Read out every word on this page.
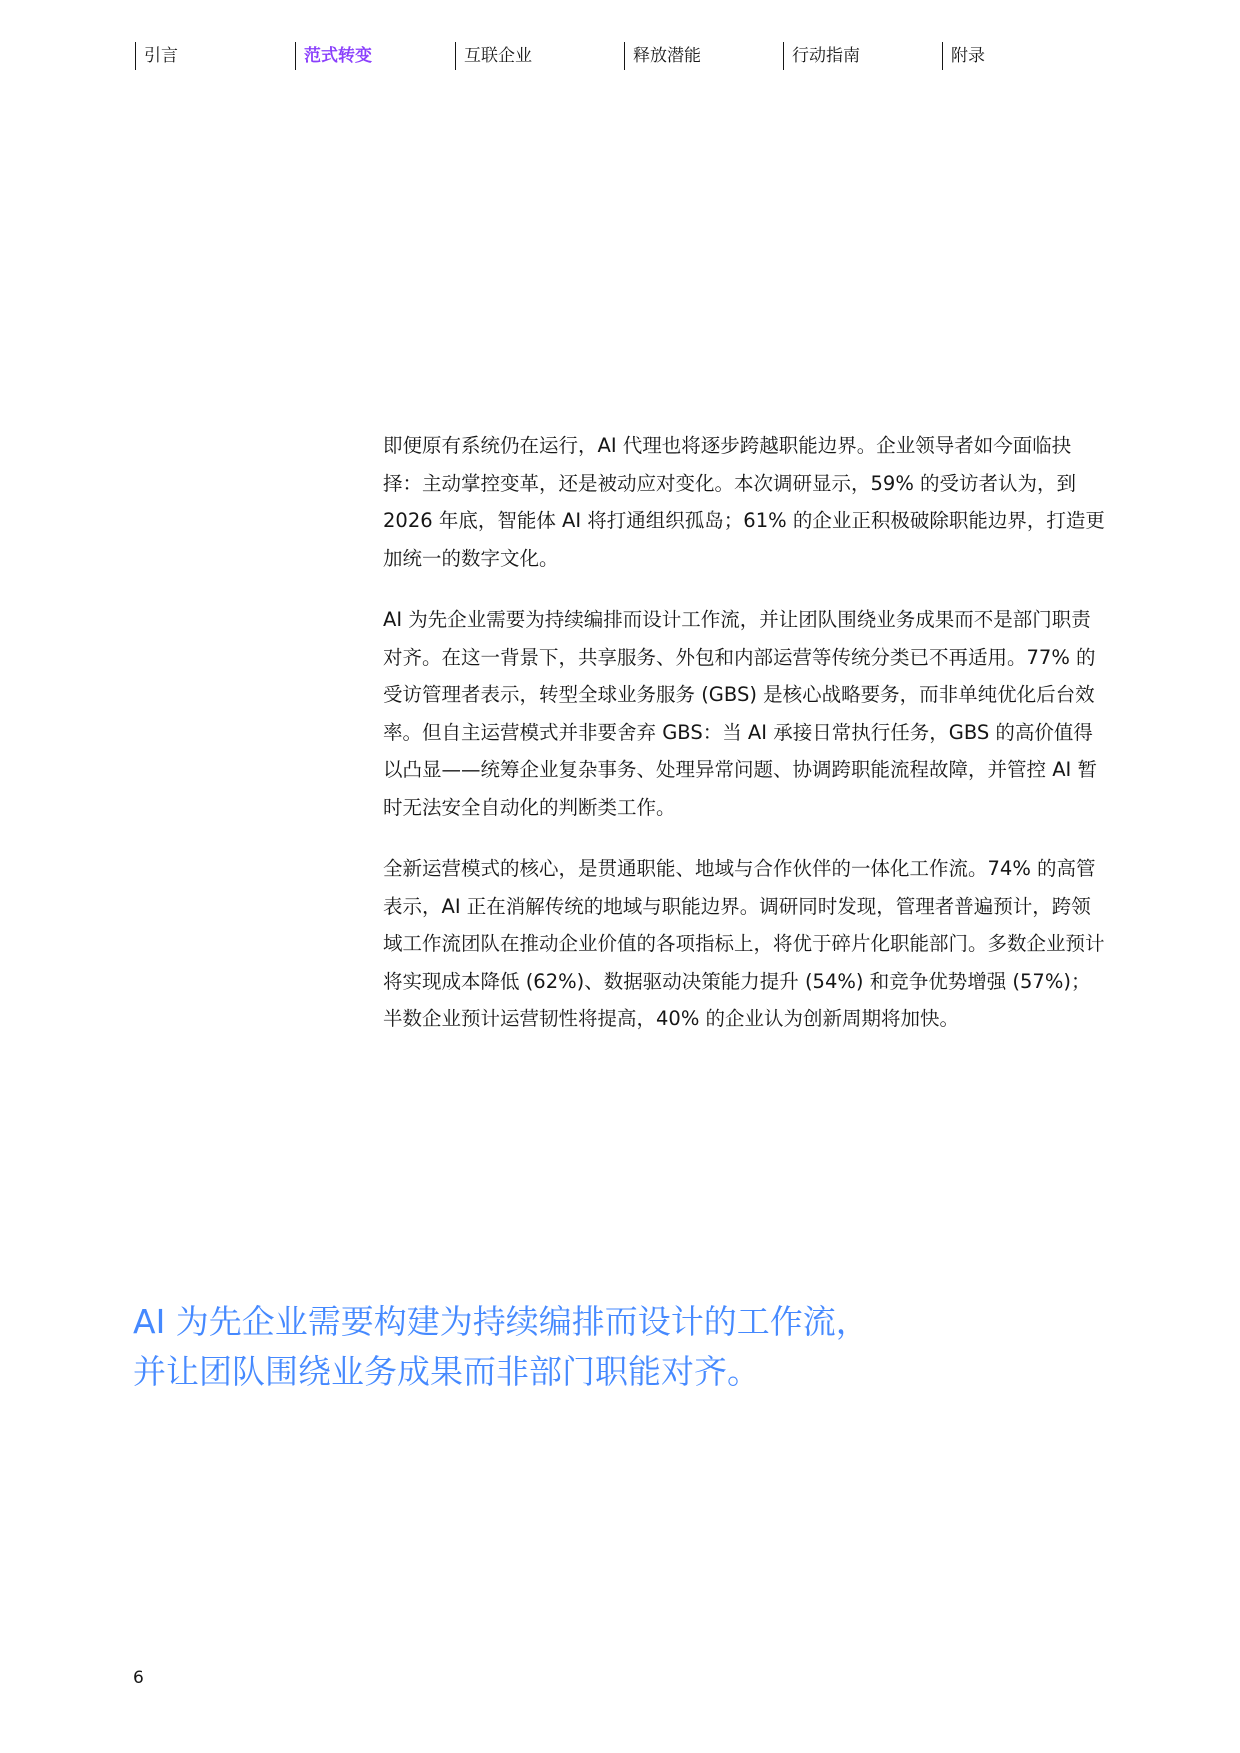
引言	范式转变	互联企业	释放潜能	行动指南	附录

即便原有系统仍在运行，AI 代理也将逐步跨越职能边界。企业领导者如今面临抉择：主动掌控变革，还是被动应对变化。本次调研显示，59% 的受访者认为，到 2026 年底，智能体 AI 将打通组织孤岛；61% 的企业正积极破除职能边界，打造更加统一的数字文化。

AI 为先企业需要为持续编排而设计工作流，并让团队围绕业务成果而不是部门职责对齐。在这一背景下，共享服务、外包和内部运营等传统分类已不再适用。77% 的受访管理者表示，转型全球业务服务 (GBS) 是核心战略要务，而非单纯优化后台效率。但自主运营模式并非要舍弃 GBS：当 AI 承接日常执行任务，GBS 的高价值得以凸显——统筹企业复杂事务、处理异常问题、协调跨职能流程故障，并管控 AI 暂时无法安全自动化的判断类工作。

全新运营模式的核心，是贯通职能、地域与合作伙伴的一体化工作流。74% 的高管表示，AI 正在消解传统的地域与职能边界。调研同时发现，管理者普遍预计，跨领域工作流团队在推动企业价值的各项指标上，将优于碎片化职能部门。多数企业预计将实现成本降低 (62%)、数据驱动决策能力提升 (54%) 和竞争优势增强 (57%)；半数企业预计运营韧性将提高，40% 的企业认为创新周期将加快。

AI 为先企业需要构建为持续编排而设计的工作流，
并让团队围绕业务成果而非部门职能对齐。
6
